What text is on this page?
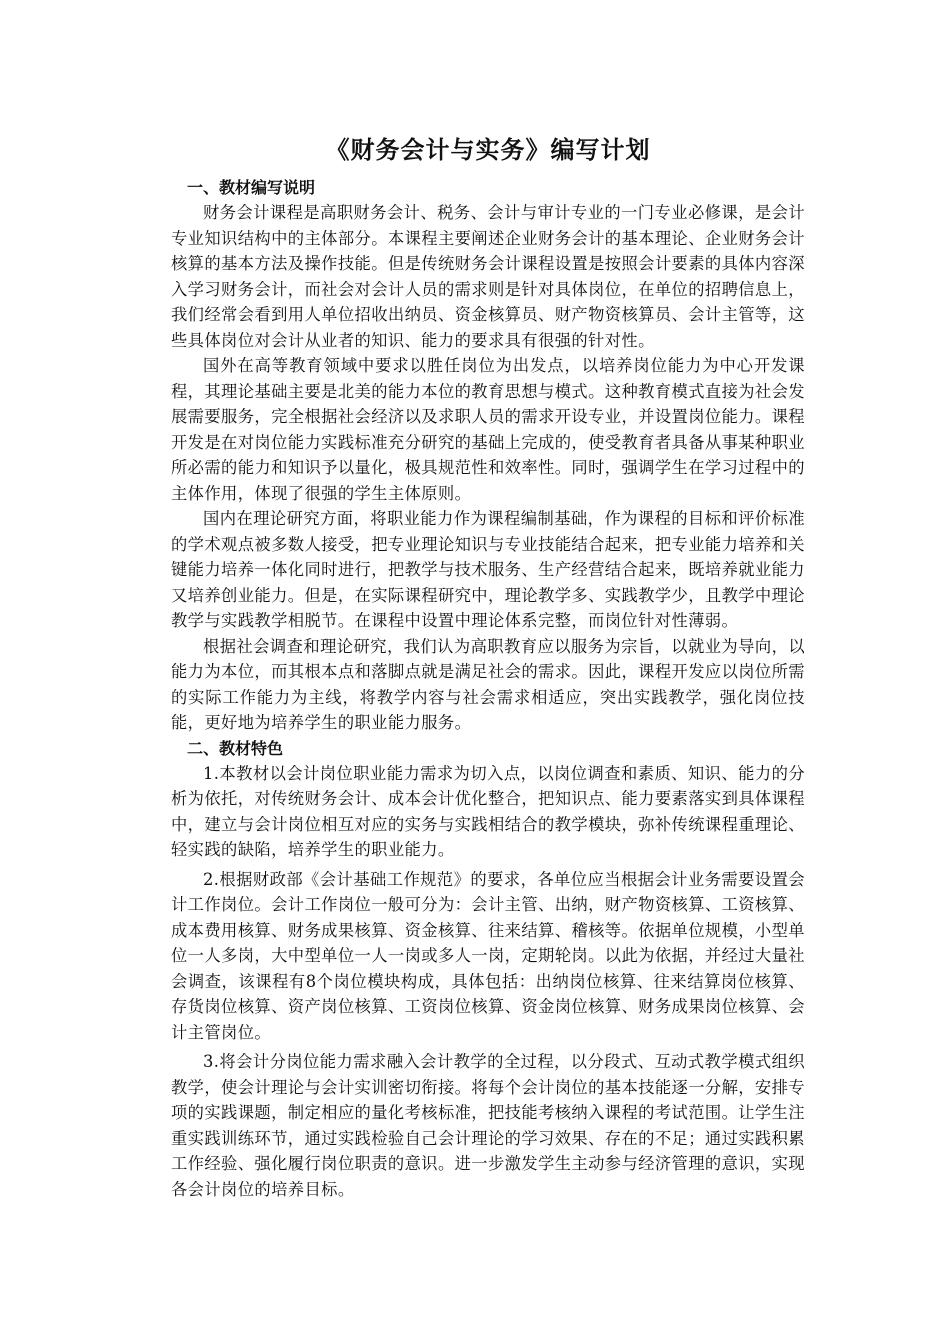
《财务会计与实务》编写计划
一、教材编写说明

财务会计课程是高职财务会计、税务、会计与审计专业的一门专业必修课，是会计专业知识结构中的主体部分。本课程主要阐述企业财务会计的基本理论、企业财务会计核算的基本方法及操作技能。但是传统财务会计课程设置是按照会计要素的具体内容深入学习财务会计，而社会对会计人员的需求则是针对具体岗位，在单位的招聘信息上，我们经常会看到用人单位招收出纳员、资金核算员、财产物资核算员、会计主管等，这些具体岗位对会计从业者的知识、能力的要求具有很强的针对性。

国外在高等教育领域中要求以胜任岗位为出发点，以培养岗位能力为中心开发课程，其理论基础主要是北美的能力本位的教育思想与模式。这种教育模式直接为社会发展需要服务，完全根据社会经济以及求职人员的需求开设专业，并设置岗位能力。课程开发是在对岗位能力实践标准充分研究的基础上完成的，使受教育者具备从事某种职业所必需的能力和知识予以量化，极具规范性和效率性。同时，强调学生在学习过程中的主体作用，体现了很强的学生主体原则。

国内在理论研究方面，将职业能力作为课程编制基础，作为课程的目标和评价标准的学术观点被多数人接受，把专业理论知识与专业技能结合起来，把专业能力培养和关键能力培养一体化同时进行，把教学与技术服务、生产经营结合起来，既培养就业能力又培养创业能力。但是，在实际课程研究中，理论教学多、实践教学少，且教学中理论教学与实践教学相脱节。在课程中设置中理论体系完整，而岗位针对性薄弱。

根据社会调查和理论研究，我们认为高职教育应以服务为宗旨，以就业为导向，以能力为本位，而其根本点和落脚点就是满足社会的需求。因此，课程开发应以岗位所需的实际工作能力为主线，将教学内容与社会需求相适应，突出实践教学，强化岗位技能，更好地为培养学生的职业能力服务。

二、教材特色

1.本教材以会计岗位职业能力需求为切入点，以岗位调查和素质、知识、能力的分析为依托，对传统财务会计、成本会计优化整合，把知识点、能力要素落实到具体课程中，建立与会计岗位相互对应的实务与实践相结合的教学模块，弥补传统课程重理论、轻实践的缺陷，培养学生的职业能力。

2.根据财政部《会计基础工作规范》的要求，各单位应当根据会计业务需要设置会计工作岗位。会计工作岗位一般可分为：会计主管、出纳，财产物资核算、工资核算、成本费用核算、财务成果核算、资金核算、往来结算、稽核等。依据单位规模，小型单位一人多岗，大中型单位一人一岗或多人一岗，定期轮岗。以此为依据，并经过大量社会调查，该课程有8个岗位模块构成，具体包括：出纳岗位核算、往来结算岗位核算、存货岗位核算、资产岗位核算、工资岗位核算、资金岗位核算、财务成果岗位核算、会计主管岗位。

3.将会计分岗位能力需求融入会计教学的全过程，以分段式、互动式教学模式组织教学，使会计理论与会计实训密切衔接。将每个会计岗位的基本技能逐一分解，安排专项的实践课题，制定相应的量化考核标准，把技能考核纳入课程的考试范围。让学生注重实践训练环节，通过实践检验自己会计理论的学习效果、存在的不足；通过实践积累工作经验、强化履行岗位职责的意识。进一步激发学生主动参与经济管理的意识，实现各会计岗位的培养目标。
